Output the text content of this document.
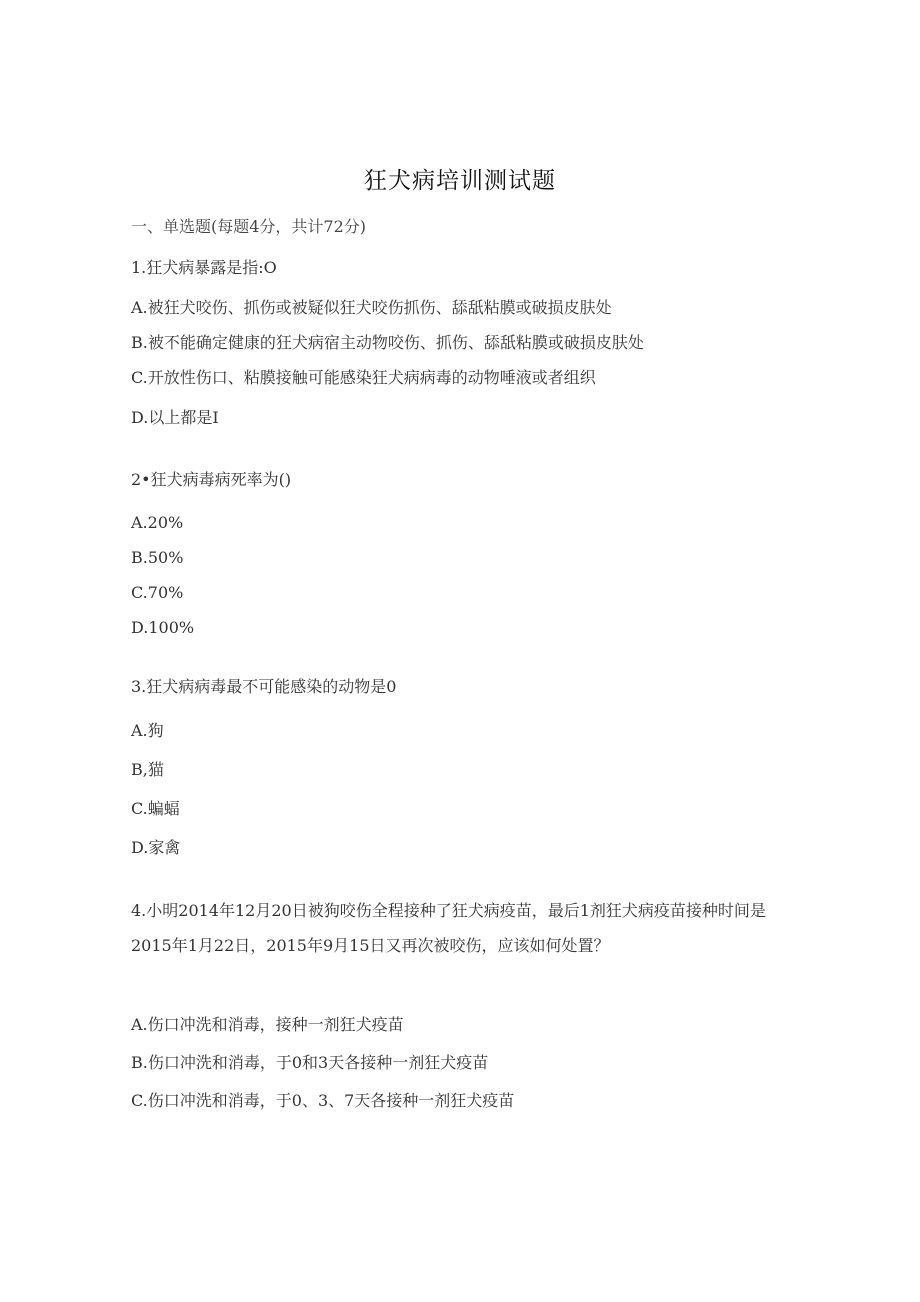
狂犬病培训测试题
一、单选题(每题4分，共计72分)
1.狂犬病暴露是指:O
A.被狂犬咬伤、抓伤或被疑似狂犬咬伤抓伤、舔舐粘膜或破损皮肤处
B.被不能确定健康的狂犬病宿主动物咬伤、抓伤、舔舐粘膜或破损皮肤处
C.开放性伤口、粘膜接触可能感染狂犬病病毒的动物唾液或者组织
D.以上都是I
2•狂犬病毒病死率为()
A.20%
B.50%
C.70%
D.100%
3.狂犬病病毒最不可能感染的动物是0
A.狗
B,猫
C.蝙蝠
D.家禽
4.小明2014年12月20日被狗咬伤全程接种了狂犬病疫苗，最后1剂狂犬病疫苗接种时间是2015年1月22日，2015年9月15日又再次被咬伤，应该如何处置？
A.伤口冲洗和消毒，接种一剂狂犬疫苗
B.伤口冲洗和消毒，于0和3天各接种一剂狂犬疫苗
C.伤口冲洗和消毒，于0、3、7天各接种一剂狂犬疫苗
